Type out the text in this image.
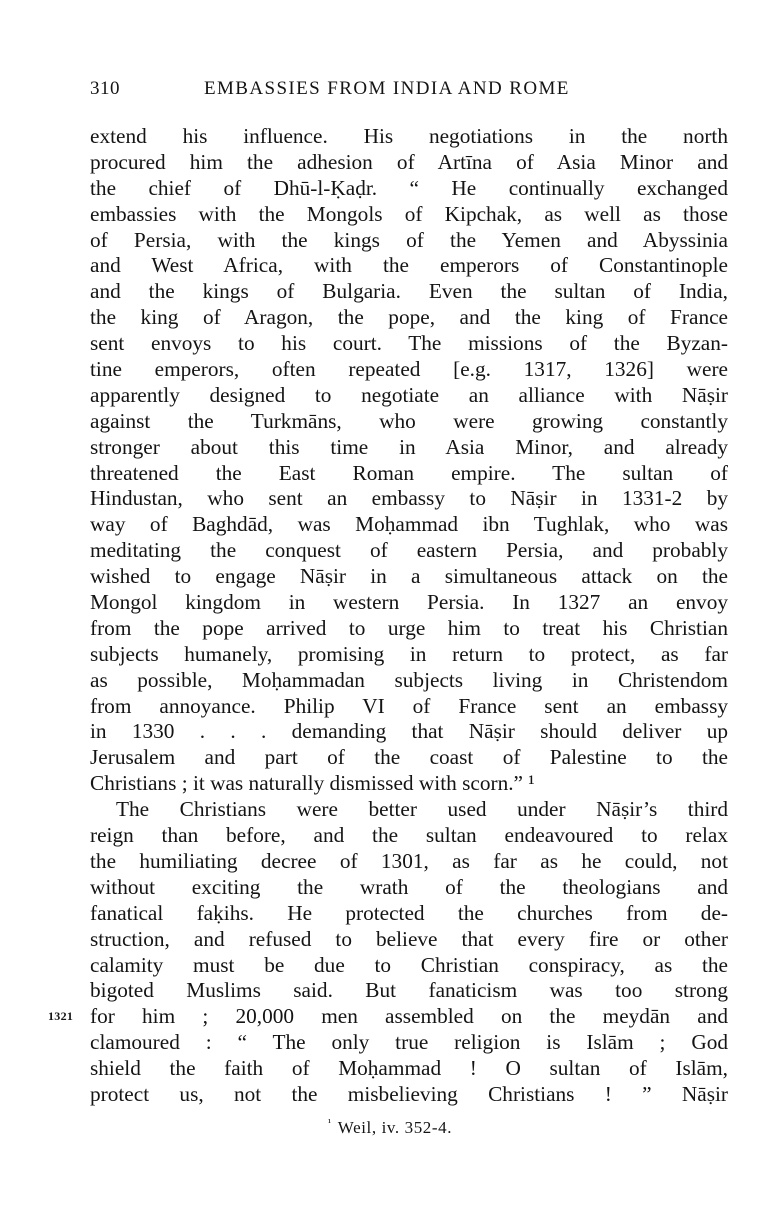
310	EMBASSIES FROM INDIA AND ROME
extend his influence. His negotiations in the north
procured him the adhesion of Artīna of Asia Minor and
the chief of Dhū-l-Ḳaḍr. “ He continually exchanged
embassies with the Mongols of Kipchak, as well as those
of Persia, with the kings of the Yemen and Abyssinia
and West Africa, with the emperors of Constantinople
and the kings of Bulgaria. Even the sultan of India,
the king of Aragon, the pope, and the king of France
sent envoys to his court. The missions of the Byzan-
tine emperors, often repeated [e.g. 1317, 1326] were
apparently designed to negotiate an alliance with Nāṣir
against the Turkmāns, who were growing constantly
stronger about this time in Asia Minor, and already
threatened the East Roman empire. The sultan of
Hindustan, who sent an embassy to Nāṣir in 1331-2 by
way of Baghdād, was Moḥammad ibn Tughlak, who was
meditating the conquest of eastern Persia, and probably
wished to engage Nāṣir in a simultaneous attack on the
Mongol kingdom in western Persia. In 1327 an envoy
from the pope arrived to urge him to treat his Christian
subjects humanely, promising in return to protect, as far
as possible, Moḥammadan subjects living in Christendom
from annoyance. Philip VI of France sent an embassy
in 1330 . . . demanding that Nāṣir should deliver up
Jerusalem and part of the coast of Palestine to the
Christians ; it was naturally dismissed with scorn.” ¹
The Christians were better used under Nāṣir’s third
reign than before, and the sultan endeavoured to relax
the humiliating decree of 1301, as far as he could, not
without exciting the wrath of the theologians and
fanatical faḳihs. He protected the churches from de-
struction, and refused to believe that every fire or other
calamity must be due to Christian conspiracy, as the
bigoted Muslims said. But fanaticism was too strong
1321 for him ; 20,000 men assembled on the meydān and
clamoured : “ The only true religion is Islām ; God
shield the faith of Moḥammad ! O sultan of Islām,
protect us, not the misbelieving Christians ! ” Nāṣir
$^{^1}$ Weil, iv. 352-4.
